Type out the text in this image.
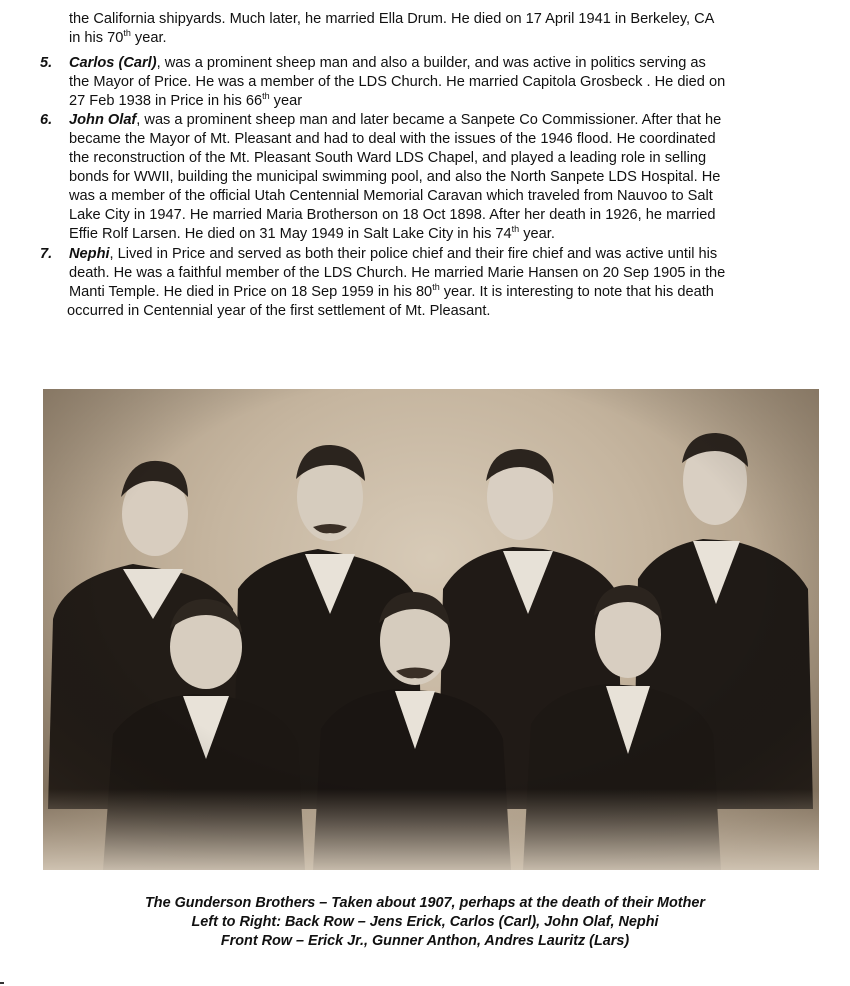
the California shipyards. Much later, he married Ella Drum. He died on 17 April 1941 in Berkeley, CA
in his 70th year.
5. Carlos (Carl), was a prominent sheep man and also a builder, and was active in politics serving as
the Mayor of Price. He was a member of the LDS Church. He married Capitola Grosbeck . He died on
27 Feb 1938 in Price in his 66th year
6. John Olaf, was a prominent sheep man and later became a Sanpete Co Commissioner. After that he
became the Mayor of Mt. Pleasant and had to deal with the issues of the 1946 flood. He coordinated
the reconstruction of the Mt. Pleasant South Ward LDS Chapel, and played a leading role in selling
bonds for WWII, building the municipal swimming pool, and also the North Sanpete LDS Hospital. He
was a member of the official Utah Centennial Memorial Caravan which traveled from Nauvoo to Salt
Lake City in 1947. He married Maria Brotherson on 18 Oct 1898. After her death in 1926, he married
Effie Rolf Larsen. He died on 31 May 1949 in Salt Lake City in his 74th year.
7. Nephi, Lived in Price and served as both their police chief and their fire chief and was active until his
death. He was a faithful member of the LDS Church. He married Marie Hansen on 20 Sep 1905 in the
Manti Temple. He died in Price on 18 Sep 1959 in his 80th year. It is interesting to note that his death
occurred in Centennial year of the first settlement of Mt. Pleasant.
The Gunderson Brothers – Taken about 1907, perhaps at the death of their Mother
Left to Right: Back Row – Jens Erick, Carlos (Carl), John Olaf, Nephi
Front Row – Erick Jr., Gunner Anthon, Andres Lauritz (Lars)
